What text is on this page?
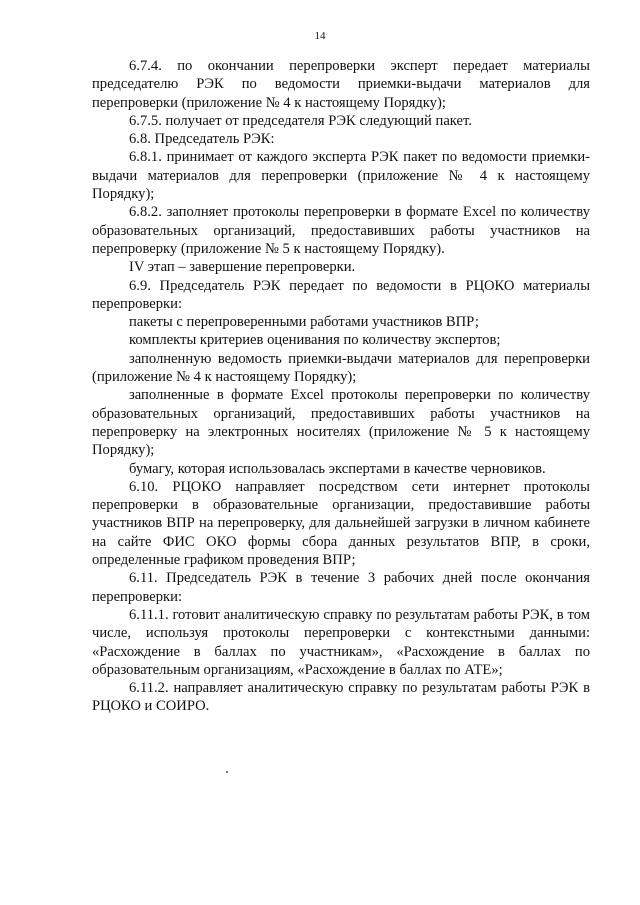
14

6.7.4. по окончании перепроверки эксперт передает материалы председателю РЭК по ведомости приемки-выдачи материалов для перепроверки (приложение № 4 к настоящему Порядку);

6.7.5. получает от председателя РЭК следующий пакет.

6.8. Председатель РЭК:

6.8.1. принимает от каждого эксперта РЭК пакет по ведомости приемки-выдачи материалов для перепроверки (приложение № 4 к настоящему Порядку);

6.8.2. заполняет протоколы перепроверки в формате Excel по количеству образовательных организаций, предоставивших работы участников на перепроверку (приложение № 5 к настоящему Порядку).

IV этап – завершение перепроверки.

6.9. Председатель РЭК передает по ведомости в РЦОКО материалы перепроверки:

пакеты с перепроверенными работами участников ВПР;

комплекты критериев оценивания по количеству экспертов;

заполненную ведомость приемки-выдачи материалов для перепроверки (приложение № 4 к настоящему Порядку);

заполненные в формате Excel протоколы перепроверки по количеству образовательных организаций, предоставивших работы участников на перепроверку на электронных носителях (приложение № 5 к настоящему Порядку);

бумагу, которая использовалась экспертами в качестве черновиков.

6.10. РЦОКО направляет посредством сети интернет протоколы перепроверки в образовательные организации, предоставившие работы участников ВПР на перепроверку, для дальнейшей загрузки в личном кабинете на сайте ФИС ОКО формы сбора данных результатов ВПР, в сроки, определенные графиком проведения ВПР;

6.11. Председатель РЭК в течение 3 рабочих дней после окончания перепроверки:

6.11.1. готовит аналитическую справку по результатам работы РЭК, в том числе, используя протоколы перепроверки с контекстными данными: «Расхождение в баллах по участникам», «Расхождение в баллах по образовательным организациям, «Расхождение в баллах по АТЕ»;

6.11.2. направляет аналитическую справку по результатам работы РЭК в РЦОКО и СОИРО.
